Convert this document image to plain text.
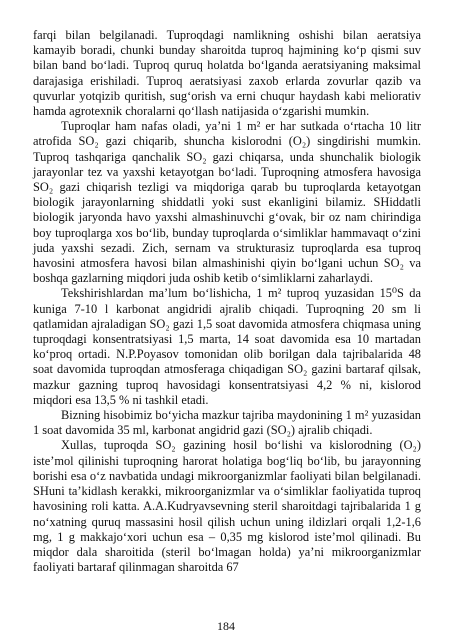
farqi bilan belgilanadi. Tuproqdagi namlikning oshishi bilan aeratsiya kamayib boradi, chunki bunday sharoitda tuproq hajmining ko‘p qismi suv bilan band bo‘ladi. Tuproq quruq holatda bo‘lganda aeratsiyaning maksimal darajasiga erishiladi. Tuproq aeratsiyasi zaxob erlarda zovurlar qazib va quvurlar yotqizib quritish, sug‘orish va erni chuqur haydash kabi meliorativ hamda agrotexnik choralarni qo‘llash natijasida o‘zgarishi mumkin.

Tuproqlar ham nafas oladi, ya’ni 1 m² er har sutkada o‘rtacha 10 litr atrofida SO₂ gazi chiqarib, shuncha kislorodni (O₂) singdirishi mumkin. Tuproq tashqariga qanchalik SO₂ gazi chiqarsa, unda shunchalik biologik jarayonlar tez va yaxshi ketayotgan bo‘ladi. Tuproqning atmosfera havosiga SO₂ gazi chiqarish tezligi va miqdoriga qarab bu tuproqlarda ketayotgan biologik jarayonlarning shiddatli yoki sust ekanligini bilamiz. SHiddatli biologik jaryonda havo yaxshi almashinuvchi g‘ovak, bir oz nam chirindiga boy tuproqlarga xos bo‘lib, bunday tuproqlarda o‘simliklar hammavaqt o‘zini juda yaxshi sezadi. Zich, sernam va strukturasiz tuproqlarda esa tuproq havosini atmosfera havosi bilan almashinishi qiyin bo‘lgani uchun SO₂ va boshqa gazlarning miqdori juda oshib ketib o‘simliklarni zaharlaydi.

Tekshirishlardan ma’lum bo‘lishicha, 1 m² tuproq yuzasidan 15⁰S da kuniga 7-10 l karbonat angidridi ajralib chiqadi. Tuproqning 20 sm li qatlamidan ajraladigan SO₂ gazi 1,5 soat davomida atmosfera chiqmasa uning tuproqdagi konsentratsiyasi 1,5 marta, 14 soat davomida esa 10 martadan ko‘proq ortadi. N.P.Poyasov tomonidan olib borilgan dala tajribalarida 48 soat davomida tuproqdan atmosferaga chiqadigan SO₂ gazini bartaraf qilsak, mazkur gazning tuproq havosidagi konsentratsiyasi 4,2 % ni, kislorod miqdori esa 13,5 % ni tashkil etadi.

Bizning hisobimiz bo‘yicha mazkur tajriba maydonining 1 m² yuzasidan 1 soat davomida 35 ml, karbonat angidrid gazi (SO₂) ajralib chiqadi.

Xullas, tuproqda SO₂ gazining hosil bo‘lishi va kislorodning (O₂) iste’mol qilinishi tuproqning harorat holatiga bog‘liq bo‘lib, bu jarayonning borishi esa o‘z navbatida undagi mikroorganizmlar faoliyati bilan belgilanadi. SHuni ta’kidlash kerakki, mikroorganizmlar va o‘simliklar faoliyatida tuproq havosining roli katta. A.A.Kudryavsevning steril sharoitdagi tajribalarida 1 g no‘xatning quruq massasini hosil qilish uchun uning ildizlari orqali 1,2-1,6 mg, 1 g makkajo‘xori uchun esa – 0,35 mg kislorod iste’mol qilinadi. Bu miqdor dala sharoitida (steril bo‘lmagan holda) ya’ni mikroorganizmlar faoliyati bartaraf qilinmagan sharoitda 67

184
